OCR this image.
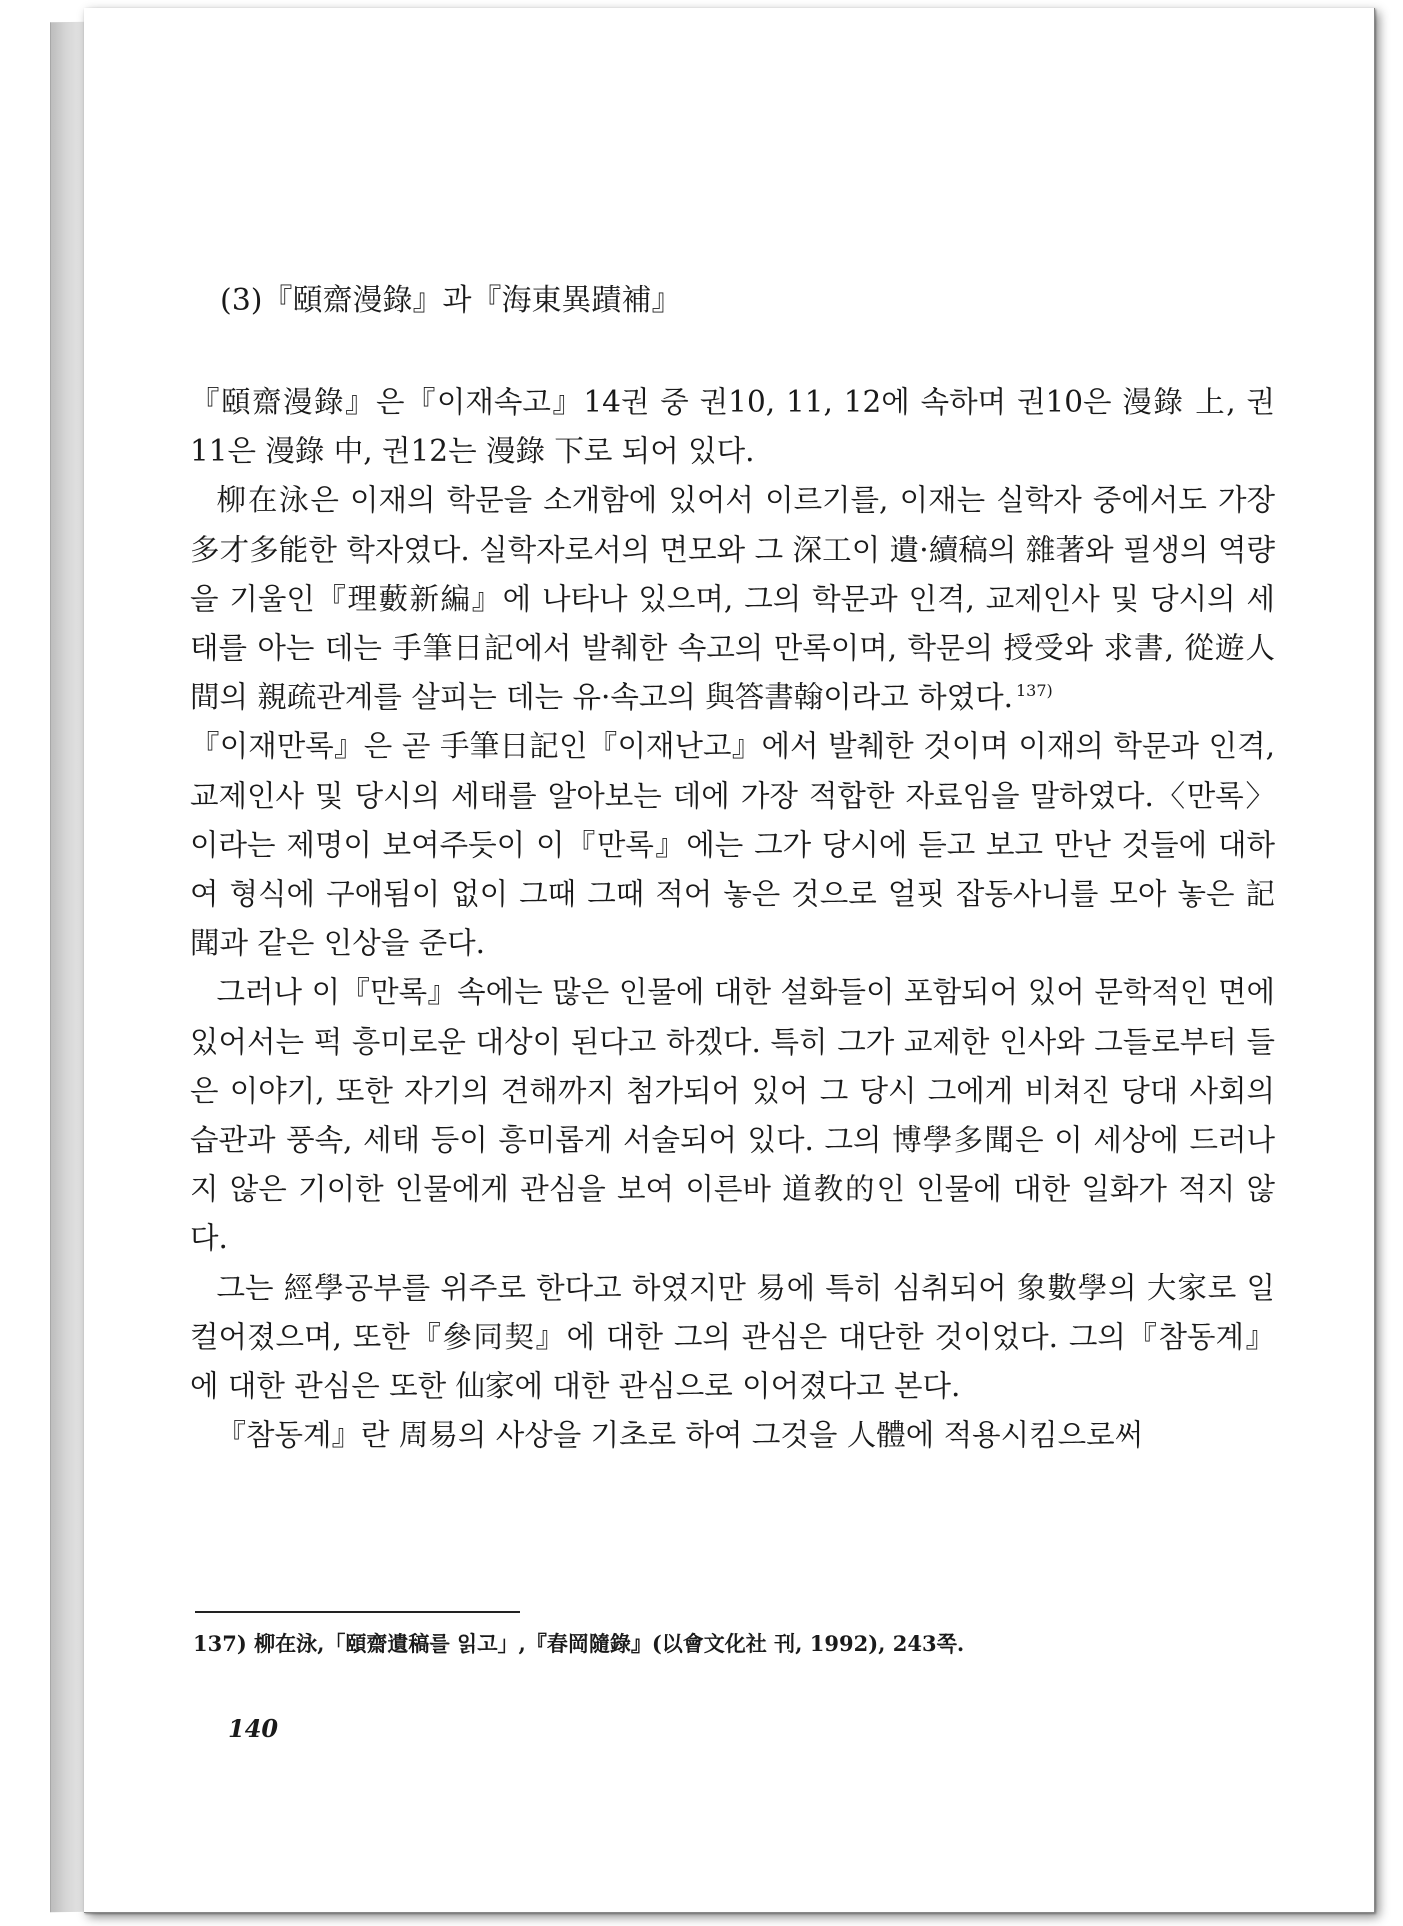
(3)『頤齋漫錄』과『海東異蹟補』

『頤齋漫錄』은『이재속고』14권 중 권10, 11, 12에 속하며 권10은 漫錄 上, 권11은 漫錄 中, 권12는 漫錄 下로 되어 있다.

柳在泳은 이재의 학문을 소개함에 있어서 이르기를, 이재는 실학자 중에서도 가장 多才多能한 학자였다. 실학자로서의 면모와 그 深工이 遺·續稿의 雜著와 필생의 역량을 기울인『理藪新編』에 나타나 있으며, 그의 학문과 인격, 교제인사 및 당시의 세태를 아는 데는 手筆日記에서 발췌한 속고의 만록이며, 학문의 授受와 求書, 從遊人間의 親疏관계를 살피는 데는 유·속고의 與答書翰이라고 하였다. $^{137)}$

『이재만록』은 곧 手筆日記인『이재난고』에서 발췌한 것이며 이재의 학문과 인격, 교제인사 및 당시의 세태를 알아보는 데에 가장 적합한 자료임을 말하였다.〈만록〉이라는 제명이 보여주듯이 이『만록』에는 그가 당시에 듣고 보고 만난 것들에 대하여 형식에 구애됨이 없이 그때 그때 적어 놓은 것으로 얼핏 잡동사니를 모아 놓은 記聞과 같은 인상을 준다.

그러나 이『만록』속에는 많은 인물에 대한 설화들이 포함되어 있어 문학적인 면에 있어서는 퍽 흥미로운 대상이 된다고 하겠다. 특히 그가 교제한 인사와 그들로부터 들은 이야기, 또한 자기의 견해까지 첨가되어 있어 그 당시 그에게 비쳐진 당대 사회의 습관과 풍속, 세태 등이 흥미롭게 서술되어 있다. 그의 博學多聞은 이 세상에 드러나지 않은 기이한 인물에게 관심을 보여 이른바 道教的인 인물에 대한 일화가 적지 않다.

그는 經學공부를 위주로 한다고 하였지만 易에 특히 심취되어 象數學의 大家로 일컬어졌으며, 또한『參同契』에 대한 그의 관심은 대단한 것이었다. 그의『참동계』에 대한 관심은 또한 仙家에 대한 관심으로 이어졌다고 본다.

『참동계』란 周易의 사상을 기초로 하여 그것을 人體에 적용시킴으로써

137) 柳在泳,「頤齋遺稿를 읽고」,『春岡隨錄』(以會文化社 刊, 1992), 243쪽.
140
